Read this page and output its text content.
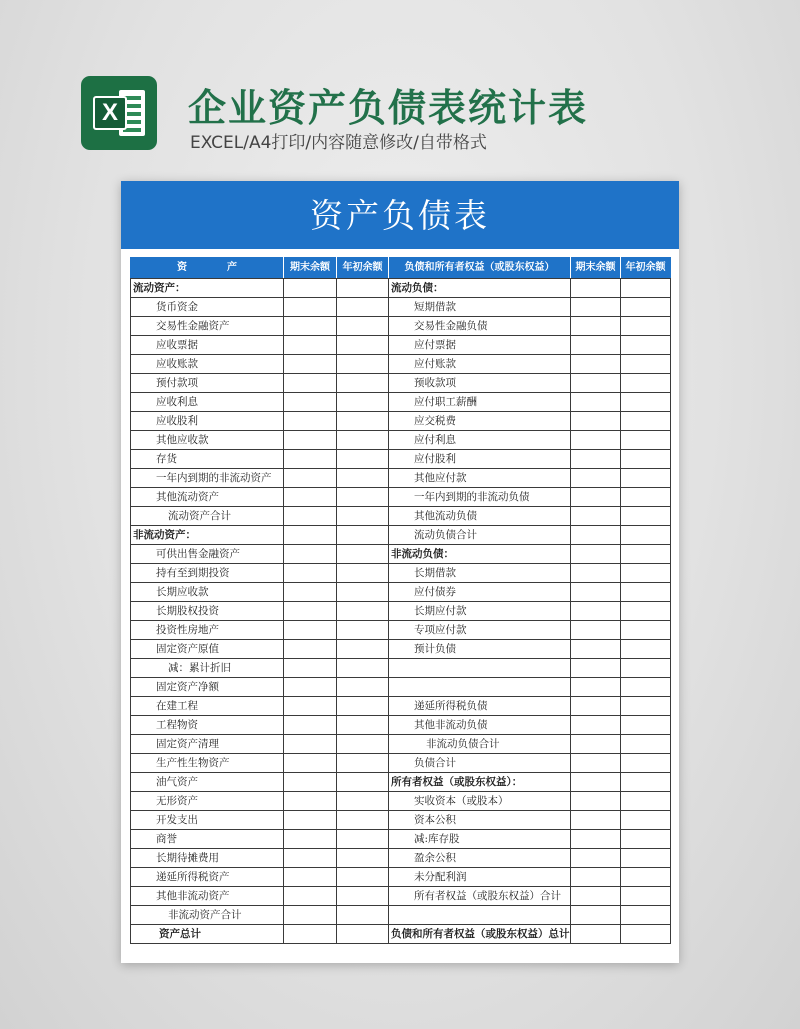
X 企业资产负债表统计表
EXCEL/A4打印/内容随意修改/自带格式
资产负债表
资　　　　产	期末余额	年初余额	负债和所有者权益（或股东权益）	期末余额	年初余额
流动资产：			流动负债：		
货币资金			短期借款		
交易性金融资产			交易性金融负债		
应收票据			应付票据		
应收账款			应付账款		
预付款项			预收款项		
应收利息			应付职工薪酬		
应收股利			应交税费		
其他应收款			应付利息		
存货			应付股利		
一年内到期的非流动资产			其他应付款		
其他流动资产			一年内到期的非流动负债		
流动资产合计			其他流动负债		
非流动资产：			流动负债合计		
可供出售金融资产			非流动负债：		
持有至到期投资			长期借款		
长期应收款			应付债券		
长期股权投资			长期应付款		
投资性房地产			专项应付款		
固定资产原值			预计负债		
减：累计折旧					
固定资产净额					
在建工程			递延所得税负债		
工程物资			其他非流动负债		
固定资产清理			非流动负债合计		
生产性生物资产			负债合计		
油气资产			所有者权益（或股东权益）：		
无形资产			实收资本（或股本）		
开发支出			资本公积		
商誉			减:库存股		
长期待摊费用			盈余公积		
递延所得税资产			未分配利润		
其他非流动资产			所有者权益（或股东权益）合计		
非流动资产合计					
资产总计			负债和所有者权益（或股东权益）总计		
